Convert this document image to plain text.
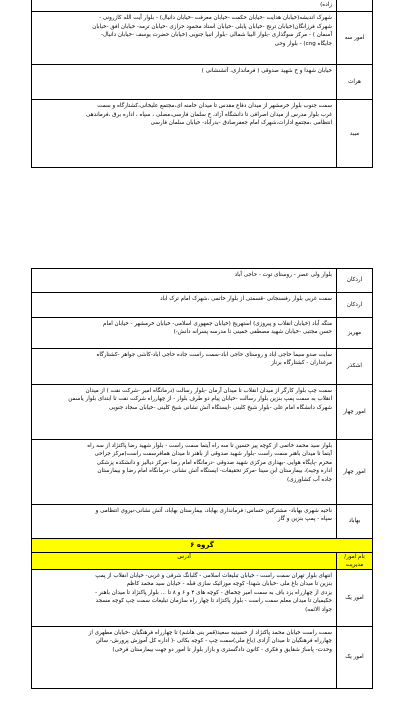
	زاده)
امور سه	شهرک اندیشه(خیابان هدایت -خیابان حکمت -خیابان معرفت -خیابان دانیال) - بلوار آیت الله کازرونی -
شهرک فرزانگان(خیابان ترنج -خیابان پایلی -خیابان استاد محمود حرازی -خیابان ترمه- خیابان افق -خیابان
آسمان ) - مرکز سوگذاری -بلوار البیا شمالی -بلوار انبیا جنوبی (خیابان حضرت یوسف -خیابان دانیال-
جایگاه cng) - بلوار وحی
هرات	خیابان شهدا و خ شهید صدوقی ( فرمانداری، آتشنشانی )
میبد	سمت جنوب بلوار خرمشهر از میدان دفاع مقدس تا میدان خامنه ای،مجتمع علیخانی،کشتارگاه و سمت
غرب بلوار مدرس از میدان اصرافی تا دانشگاه آزاد، خ سلمان فارسی،مصلی ، سپاه ، اداره برق ،فرماندهی
انتظامی ،مجتمع ادارات،شهرک امام جعفرصادق -بدرآباد- خیابان سلمان فارسی
اردکان	بلوار ولی عصر - روستای توت - حاجی آباد
اردکان	سمت غربی بلوار رفسنجانی -قسمتی از بلوار خاتمی ،شهرک امام ترک اباد
مهریز	منگه آباد (خیابان انقلاب و پیروزی) استهریج (خیابان جمهوری اسلامی- خیابان خرمشهر - خیابان امام
حسن مجتبی -خیابان شهید مصطفی خمینی تا مدرسه پسرانه دانش-)
اشکذر	سایت صدو سیما حاجی اباد و روستای حاجی اباد-سمت راست جاده حاجی اباد-کاشی جواهر -کشتارگاه
مرغداران - کشتارگاه برناز
امور چهار	سمت چپ بلوار کارگر از میدان انقلاب تا میدان آرمان -بلوار رسالت (درمانگاه امیر -شرکت نفت ) از میدان
انقلاب به سمت پمپ بنزین بلوار رسالت -خیابان پیام دو طرف بلوار - از چهارراه شرکت نفت تا ابتدای بلوار یاسمن
شهرک دانشگاه امام علی -بلوار شیخ کلینی -ایستگاه آتش نشانی شیخ کلینی -خیابان سجاد جنوبی
امور چهار	بلوار سید محمد خاتمی از کوچه پیر حسین تا سه راه آیتما سمت راست - بلوار شهید رضا پاکنژاد از سه راه
آیتما تا میدان باهنر سمت راست -بلوار شهید صدوقی از باهنر تا میدان همافرسمت راست(مرکز جراحی
محرم -پایگاه هوایی -بهداری مرکزی شهید صدوقی -درمانگاه امام رضا -مرکز دیالیز و دانشکده پزشکی
اداره وجیه)، بیمارستان ابن سینا -مرکز تحقیقات- ایستگاه آتش نشانی -درمانگاه امام رضا و بیمارستان
جاده آب کشاورزی)
بهاباد	ناحیه شهری بهاباد- مشترکین حساس: فرمانداری بهاباد، بیمارستان بهاباد، آتش نشانی-نیروی انتظامی و
سپاه - پمپ بنزین و گاز
گروه ۶	
نام امور/مدیریت	آدرس
امور یک	انتهای بلوار تهران سمت راست - خیابان تبلیغات اسلامی - گلبانگ شرقی و غربی- خیابان انقلاب از پمپ
بنزین تا میدان باغ ملی -خیابان شهدا- کوچه موزائیک سازی قبله - خیابان سید محمد کاظم
یزدی از چهارراه یزد باف به سمت امیر چخماق - کوچه های ۴ و ۶ و ۸ تا ... بلوار پاکنژاد تا میدان باهنر -
حکیمیان تا میدان معلم سمت راست - بلوار پاکنژاد تا چهار راه سازمان تبلیغات سمت چپ کوچه مسجد
جواد الائمه)
امور یک	سمت راست خیابان محمد پاکنژاد از حسینیه سعید(قمر بنی هاشم) تا چهارراه فرهنگیان -خیابان مطهری از
چهارراه فرهنگیان تا میدان آزادی (باغ ملی)سمت چپ - کوچه بکائی -( اداره کل آموزش پرورش- سالن
وحدت- پاساژ شقایق و فکری - کانون دادگستری و بازار بلوار تا امور دو جهت بیمارستان فرخی)
